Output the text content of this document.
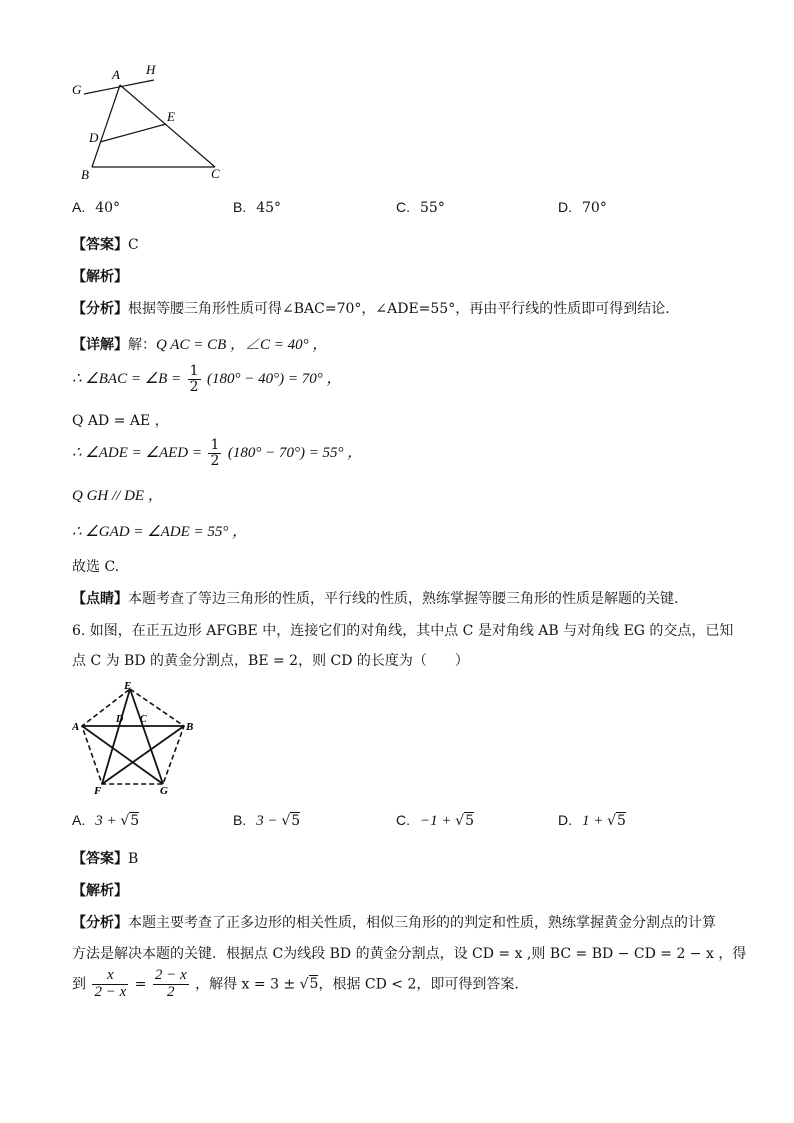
G
A H
E
D
B	C
A. 40°	B. 45°	C. 55°	D. 70°
【答案】C
【解析】
【分析】根据等腰三角形性质可得∠BAC=70°，∠ADE=55°，再由平行线的性质即可得到结论.
【详解】解：Q AC = CB ，∠C = 40° ，
∴ ∠BAC = ∠B = $\frac{1}{2} (180^\circ - 40^\circ) = 70^\circ$ ，
Q AD = AE ，
∴ ∠ADE = ∠AED = $\frac{1}{2} (180^\circ - 70^\circ) = 55^\circ$ ，
Q GH // DE ，
∴ ∠GAD = ∠ADE = 55° ，
故选 C.
【点睛】本题考查了等边三角形的性质，平行线的性质，熟练掌握等腰三角形的性质是解题的关键.
6. 如图，在正五边形 AFGBE 中，连接它们的对角线，其中点 C 是对角线 AB 与对角线 EG 的交点，已知
点 C 为 BD 的黄金分割点，BE = 2，则 CD 的长度为（　　）
E
D C
A	B
F	G
A. 3 + √5	B. 3 − √5	C. −1 + √5	D. 1 + √5
【答案】B
【解析】
【分析】本题主要考查了正多边形的相关性质，相似三角形的的判定和性质，熟练掌握黄金分割点的计算
方法是解决本题的关键．根据点 C为线段 BD 的黄金分割点，设 CD = x ,则 BC = BD − CD = 2 − x ，得
到 $\frac{x}{2 - x} = \frac{2 - x}{2}$ ，解得 x = 3 ± √5，根据 CD < 2，即可得到答案.
